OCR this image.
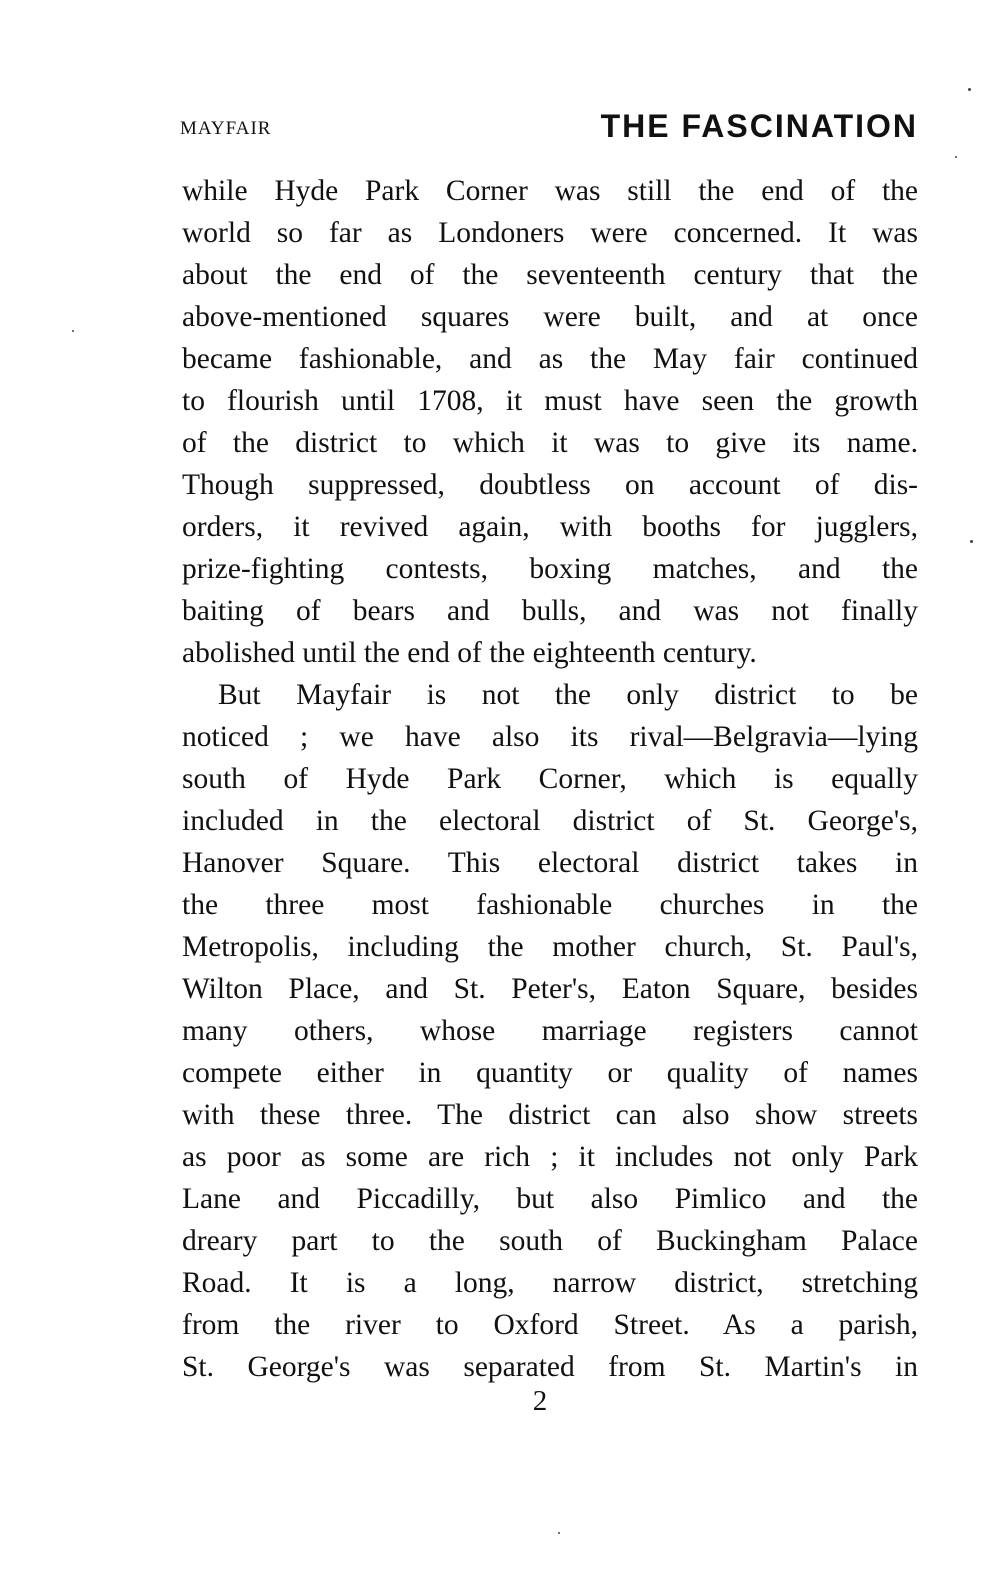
MAYFAIR	THE FASCINATION
while Hyde Park Corner was still the end of the
world so far as Londoners were concerned. It was
about the end of the seventeenth century that the
above-mentioned squares were built, and at once
became fashionable, and as the May fair continued
to flourish until 1708, it must have seen the growth
of the district to which it was to give its name.
Though suppressed, doubtless on account of dis-
orders, it revived again, with booths for jugglers,
prize-fighting contests, boxing matches, and the
baiting of bears and bulls, and was not finally
abolished until the end of the eighteenth century.
But Mayfair is not the only district to be
noticed ; we have also its rival—Belgravia—lying
south of Hyde Park Corner, which is equally
included in the electoral district of St. George's,
Hanover Square. This electoral district takes in
the three most fashionable churches in the
Metropolis, including the mother church, St. Paul's,
Wilton Place, and St. Peter's, Eaton Square, besides
many others, whose marriage registers cannot
compete either in quantity or quality of names
with these three. The district can also show streets
as poor as some are rich ; it includes not only Park
Lane and Piccadilly, but also Pimlico and the
dreary part to the south of Buckingham Palace
Road. It is a long, narrow district, stretching
from the river to Oxford Street. As a parish,
St. George's was separated from St. Martin's in
2
